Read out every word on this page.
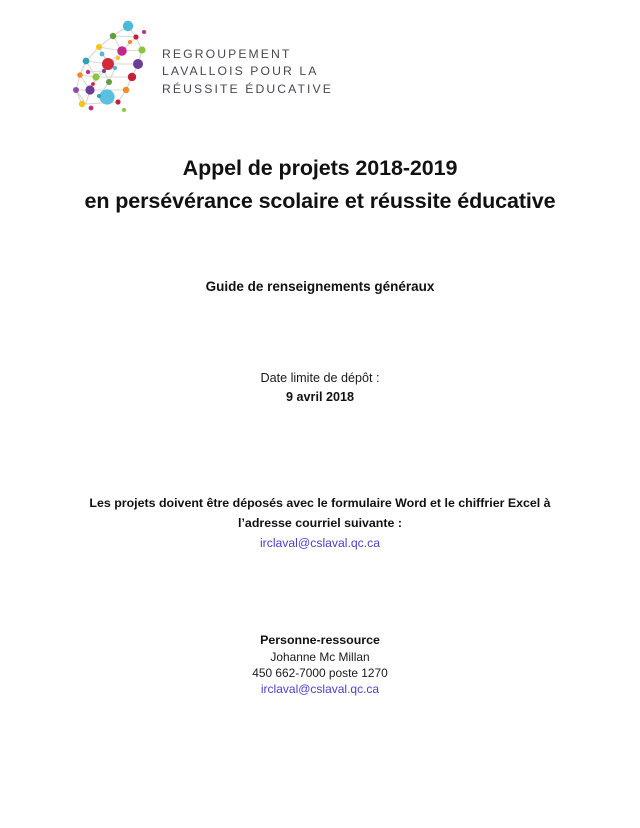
REGROUPEMENT
LAVALLOIS POUR LA
RÉUSSITE ÉDUCATIVE
Appel de projets 2018-2019
en persévérance scolaire et réussite éducative
Guide de renseignements généraux
Date limite de dépôt :
9 avril 2018
Les projets doivent être déposés avec le formulaire Word et le chiffrier Excel à
l’adresse courriel suivante :
irclaval@cslaval.qc.ca
Personne-ressource
Johanne Mc Millan
450 662-7000 poste 1270
irclaval@cslaval.qc.ca
